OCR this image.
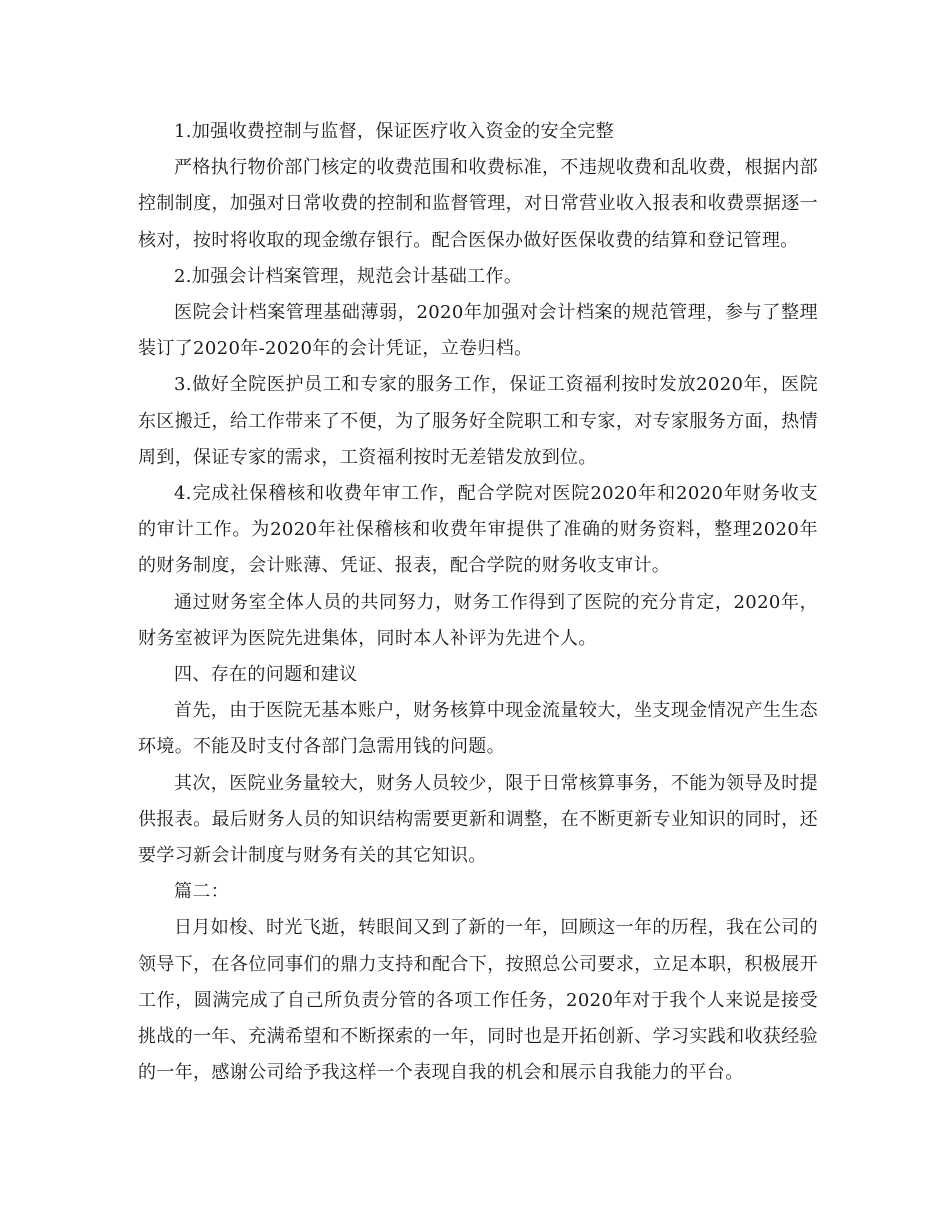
1.加强收费控制与监督，保证医疗收入资金的安全完整

严格执行物价部门核定的收费范围和收费标准，不违规收费和乱收费，根据内部控制制度，加强对日常收费的控制和监督管理，对日常营业收入报表和收费票据逐一核对，按时将收取的现金缴存银行。配合医保办做好医保收费的结算和登记管理。

2.加强会计档案管理，规范会计基础工作。

医院会计档案管理基础薄弱，2020年加强对会计档案的规范管理，参与了整理装订了2020年-2020年的会计凭证，立卷归档。

3.做好全院医护员工和专家的服务工作，保证工资福利按时发放2020年，医院东区搬迁，给工作带来了不便，为了服务好全院职工和专家，对专家服务方面，热情周到，保证专家的需求，工资福利按时无差错发放到位。

4.完成社保稽核和收费年审工作，配合学院对医院2020年和2020年财务收支的审计工作。为2020年社保稽核和收费年审提供了准确的财务资料，整理2020年的财务制度，会计账薄、凭证、报表，配合学院的财务收支审计。

通过财务室全体人员的共同努力，财务工作得到了医院的充分肯定，2020年，财务室被评为医院先进集体，同时本人补评为先进个人。

四、存在的问题和建议

首先，由于医院无基本账户，财务核算中现金流量较大，坐支现金情况产生生态环境。不能及时支付各部门急需用钱的问题。

其次，医院业务量较大，财务人员较少，限于日常核算事务，不能为领导及时提供报表。最后财务人员的知识结构需要更新和调整，在不断更新专业知识的同时，还要学习新会计制度与财务有关的其它知识。

篇二：

日月如梭、时光飞逝，转眼间又到了新的一年，回顾这一年的历程，我在公司的领导下，在各位同事们的鼎力支持和配合下，按照总公司要求，立足本职，积极展开工作，圆满完成了自己所负责分管的各项工作任务，2020年对于我个人来说是接受挑战的一年、充满希望和不断探索的一年，同时也是开拓创新、学习实践和收获经验的一年，感谢公司给予我这样一个表现自我的机会和展示自我能力的平台。
